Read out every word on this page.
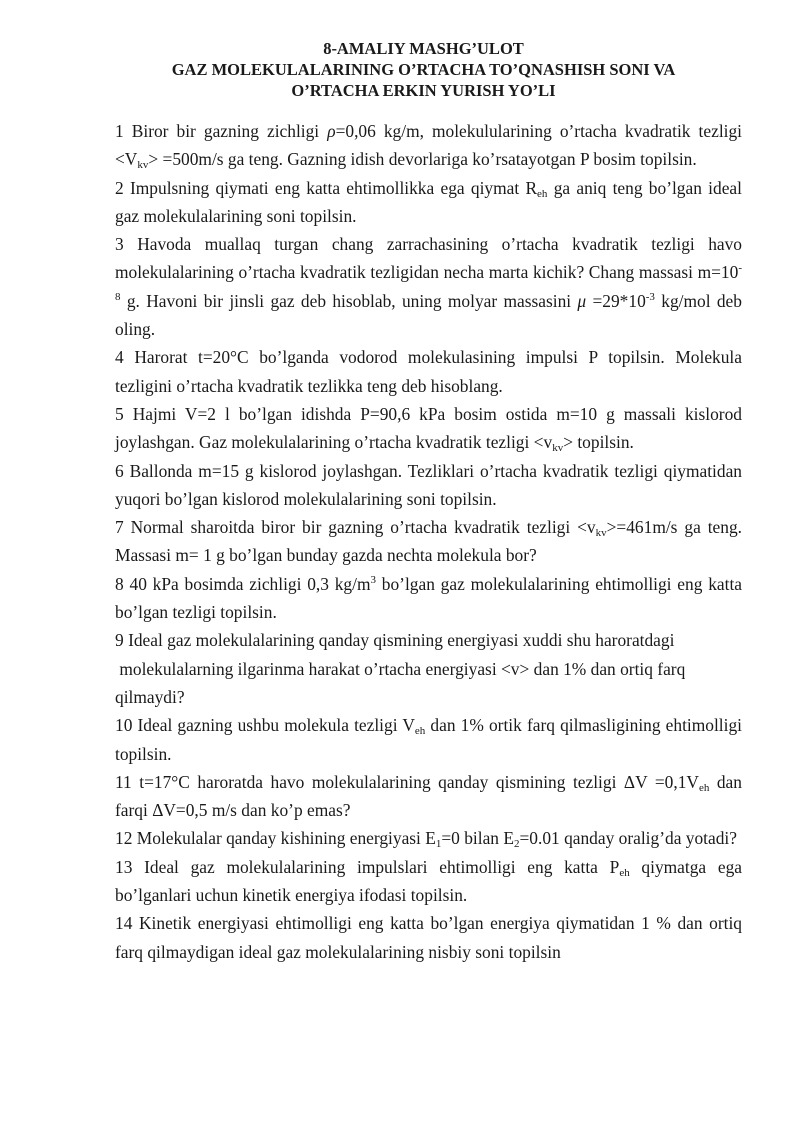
8-AMALIY MASHG’ULOT
GAZ MOLEKULALARINING O’RTACHA TO’QNASHISH SONI VA
O’RTACHA ERKIN YURISH YO’LI

1 Biror bir gazning zichligi ρ=0,06 kg/m, molekulularining o’rtacha kvadratik tezligi $<V_{kv}> =500m/s$ ga teng. Gazning idish devorlariga ko’rsatayotgan P bosim topilsin.

2 Impulsning qiymati eng katta ehtimollikka ega qiymat $R_{eh}$ ga aniq teng bo’lgan ideal gaz molekulalarining soni topilsin.

3 Havoda muallaq turgan chang zarrachasining o’rtacha kvadratik tezligi havo molekulalarining o’rtacha kvadratik tezligidan necha marta kichik? Chang massasi $m=10^{-8}$ g. Havoni bir jinsli gaz deb hisoblab, uning molyar massasini $\mu =29*10^{-3}$ kg/mol deb oling.

4 Harorat t=20°C bo’lganda vodorod molekulasining impulsi P topilsin. Molekula tezligini o’rtacha kvadratik tezlikka teng deb hisoblang.

5 Hajmi V=2 l bo’lgan idishda P=90,6 kPa bosim ostida m=10 g massali kislorod joylashgan. Gaz molekulalarining o’rtacha kvadratik tezligi $<v_{kv}>$ topilsin.

6 Ballonda m=15 g kislorod joylashgan. Tezliklari o’rtacha kvadratik tezligi qiymatidan yuqori bo’lgan kislorod molekulalarining soni topilsin.

7 Normal sharoitda biror bir gazning o’rtacha kvadratik tezligi $<v_{kv}>=461m/s$ ga teng.    Massasi m= 1 g bo’lgan bunday gazda nechta molekula bor?

8 40 kPa bosimda zichligi 0,3 $kg/m^3$ bo’lgan gaz molekulalarining ehtimolligi eng katta bo’lgan tezligi topilsin.

9 Ideal gaz molekulalarining qanday qismining energiyasi xuddi shu haroratdagi
molekulalarning ilgarinma harakat o’rtacha energiyasi <v> dan 1% dan ortiq farq qilmaydi?

10 Ideal gazning ushbu molekula tezligi $V_{eh}$ dan 1% ortik farq qilmasligining ehtimolligi topilsin.

11 t=17°C haroratda havo molekulalarining qanday qismining tezligi $\Delta V =0,1V_{eh}$ dan farqi ΔV=0,5 m/s dan ko’p emas?

12 Molekulalar qanday kishining energiyasi $E_1=0$ bilan $E_2=0.01$ qanday oralig’da yotadi?

13 Ideal gaz molekulalarining impulslari ehtimolligi eng katta $P_{eh}$ qiymatga ega bo’lganlari uchun kinetik energiya ifodasi topilsin.

14 Kinetik energiyasi ehtimolligi eng katta bo’lgan energiya qiymatidan 1 % dan ortiq farq qilmaydigan ideal gaz molekulalarining nisbiy soni topilsin
